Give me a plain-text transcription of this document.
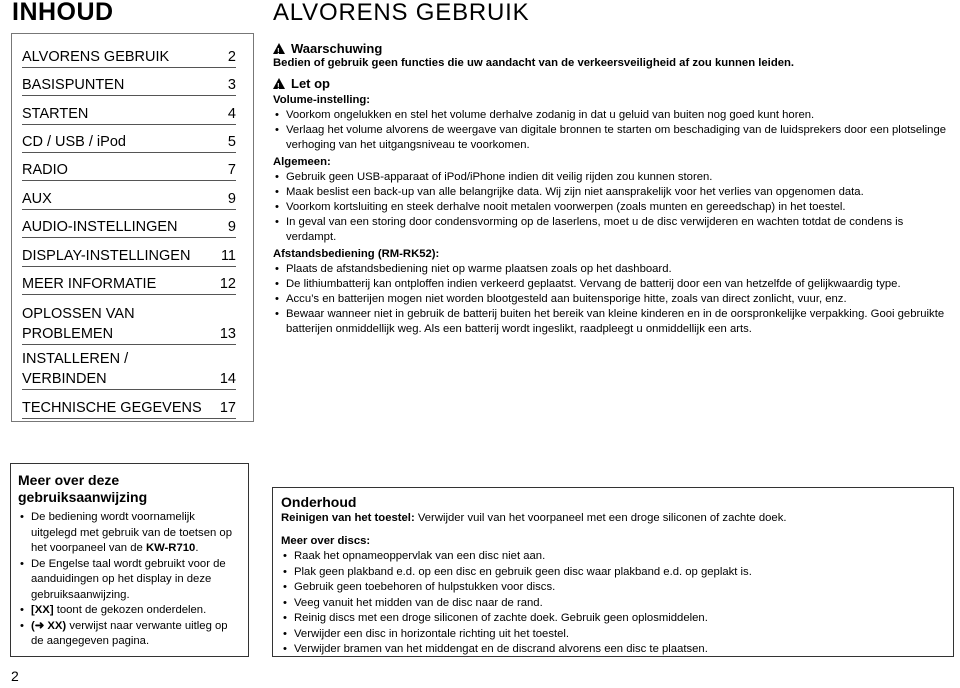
INHOUD
ALVORENS GEBRUIK	2
BASISPUNTEN	3
STARTEN	4
CD / USB / iPod	5
RADIO	7
AUX	9
AUDIO-INSTELLINGEN	9
DISPLAY-INSTELLINGEN 11
MEER INFORMATIE	12
OPLOSSEN VAN
PROBLEMEN	13
INSTALLEREN /
VERBINDEN	14
TECHNISCHE GEGEVENS 17
ALVORENS GEBRUIK
!
Waarschuwing
Bedien of gebruik geen functies die uw aandacht van de verkeersveiligheid af zou kunnen leiden.
!
Let op
Volume-instelling:
• Voorkom ongelukken en stel het volume derhalve zodanig in dat u geluid van buiten nog goed kunt horen.
• Verlaag het volume alvorens de weergave van digitale bronnen te starten om beschadiging van de luidsprekers door een plotselinge verhoging van het uitgangsniveau te voorkomen.
Algemeen:
• Gebruik geen USB-apparaat of iPod/iPhone indien dit veilig rijden zou kunnen storen.
• Maak beslist een back-up van alle belangrijke data. Wij zijn niet aansprakelijk voor het verlies van opgenomen data.
• Voorkom kortsluiting en steek derhalve nooit metalen voorwerpen (zoals munten en gereedschap) in het toestel.
• In geval van een storing door condensvorming op de laserlens, moet u de disc verwijderen en wachten totdat de condens is verdampt.
Afstandsbediening (RM-RK52):
• Plaats de afstandsbediening niet op warme plaatsen zoals op het dashboard.
• De lithiumbatterij kan ontploffen indien verkeerd geplaatst. Vervang de batterij door een van hetzelfde of gelijkwaardig type.
• Accu’s en batterijen mogen niet worden blootgesteld aan buitensporige hitte, zoals van direct zonlicht, vuur, enz.
• Bewaar wanneer niet in gebruik de batterij buiten het bereik van kleine kinderen en in de oorspronkelijke verpakking. Gooi gebruikte batterijen onmiddellijk weg. Als een batterij wordt ingeslikt, raadpleegt u onmiddellijk een arts.
Meer over deze gebruiksaanwijzing
• De bediening wordt voornamelijk uitgelegd met gebruik van de toetsen op het voorpaneel van de KW-R710.
• De Engelse taal wordt gebruikt voor de aanduidingen op het display in deze gebruiksaanwijzing.
• [XX] toont de gekozen onderdelen.
• (➜ XX) verwijst naar verwante uitleg op de aangegeven pagina.
Onderhoud
Reinigen van het toestel: Verwijder vuil van het voorpaneel met een droge siliconen of zachte doek.
Meer over discs:
• Raak het opnameoppervlak van een disc niet aan.
• Plak geen plakband e.d. op een disc en gebruik geen disc waar plakband e.d. op geplakt is.
• Gebruik geen toebehoren of hulpstukken voor discs.
• Veeg vanuit het midden van de disc naar de rand.
• Reinig discs met een droge siliconen of zachte doek. Gebruik geen oplosmiddelen.
• Verwijder een disc in horizontale richting uit het toestel.
• Verwijder bramen van het middengat en de discrand alvorens een disc te plaatsen.
2
